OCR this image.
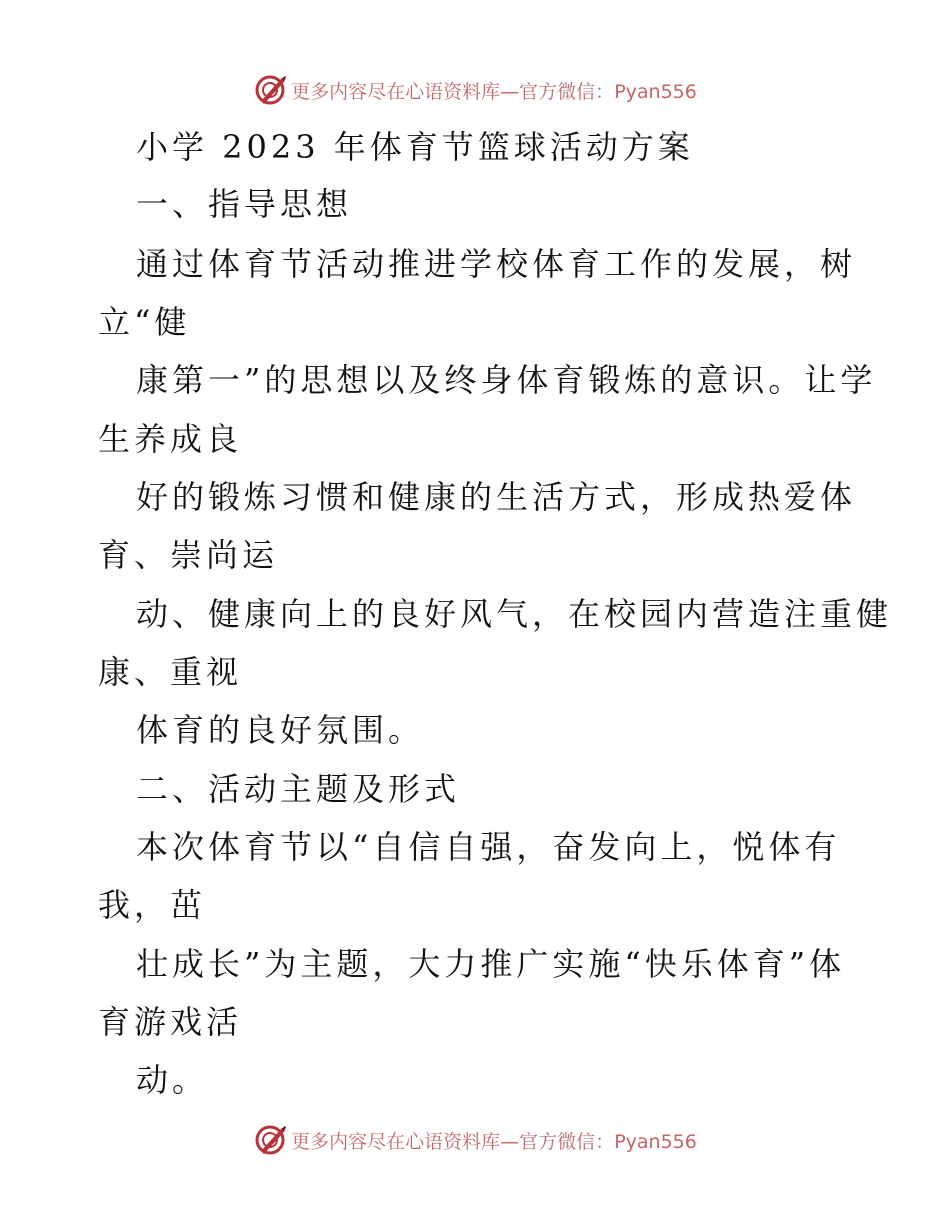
更多内容尽在心语资料库—官方微信：Pyan556
小学 2023 年体育节篮球活动方案
一、指导思想
通过体育节活动推进学校体育工作的发展，树
立“健
康第一”的思想以及终身体育锻炼的意识。让学
生养成良
好的锻炼习惯和健康的生活方式，形成热爱体
育、崇尚运
动、健康向上的良好风气，在校园内营造注重健
康、重视
体育的良好氛围。
二、活动主题及形式
本次体育节以“自信自强，奋发向上，悦体有
我，茁
壮成长”为主题，大力推广实施“快乐体育”体
育游戏活
动。
更多内容尽在心语资料库—官方微信：Pyan556
